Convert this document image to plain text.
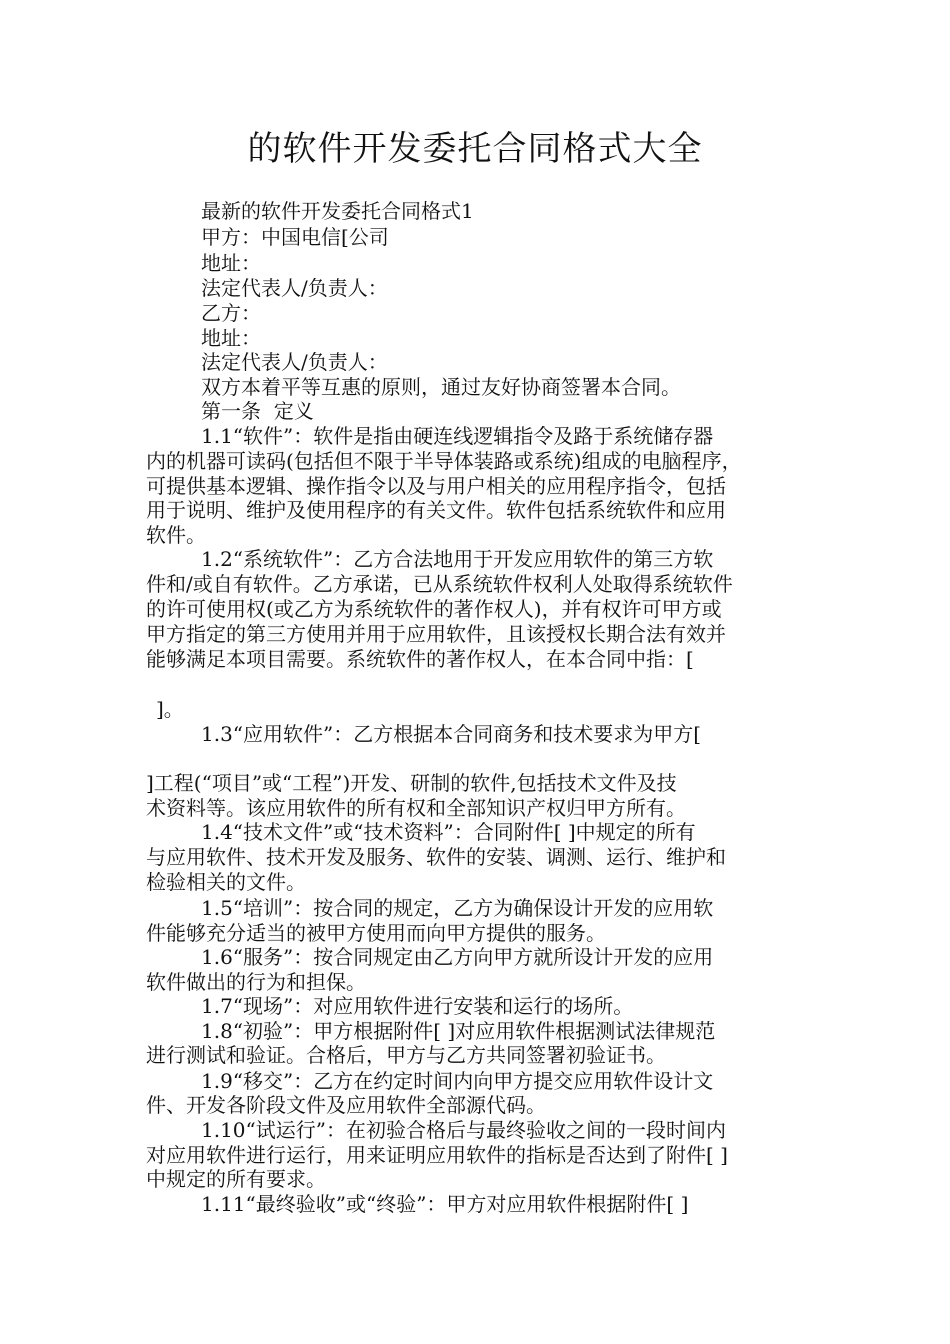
的软件开发委托合同格式大全
最新的软件开发委托合同格式1
甲方：中国电信[公司
地址：
法定代表人/负责人：
乙方：
地址：
法定代表人/负责人：
双方本着平等互惠的原则，通过友好协商签署本合同。
第一条  定义
1.1“软件”：软件是指由硬连线逻辑指令及路于系统储存器
内的机器可读码(包括但不限于半导体装路或系统)组成的电脑程序，
可提供基本逻辑、操作指令以及与用户相关的应用程序指令，包括
用于说明、维护及使用程序的有关文件。软件包括系统软件和应用
软件。
1.2“系统软件”：乙方合法地用于开发应用软件的第三方软
件和/或自有软件。乙方承诺，已从系统软件权利人处取得系统软件
的许可使用权(或乙方为系统软件的著作权人)，并有权许可甲方或
甲方指定的第三方使用并用于应用软件，且该授权长期合法有效并
能够满足本项目需要。系统软件的著作权人，在本合同中指：[
]。
1.3“应用软件”：乙方根据本合同商务和技术要求为甲方[
]工程(“项目”或“工程”)开发、研制的软件,包括技术文件及技
术资料等。该应用软件的所有权和全部知识产权归甲方所有。
1.4“技术文件”或“技术资料”：合同附件[ ]中规定的所有
与应用软件、技术开发及服务、软件的安装、调测、运行、维护和
检验相关的文件。
1.5“培训”：按合同的规定，乙方为确保设计开发的应用软
件能够充分适当的被甲方使用而向甲方提供的服务。
1.6“服务”：按合同规定由乙方向甲方就所设计开发的应用
软件做出的行为和担保。
1.7“现场”：对应用软件进行安装和运行的场所。
1.8“初验”：甲方根据附件[ ]对应用软件根据测试法律规范
进行测试和验证。合格后，甲方与乙方共同签署初验证书。
1.9“移交”：乙方在约定时间内向甲方提交应用软件设计文
件、开发各阶段文件及应用软件全部源代码。
1.10“试运行”：在初验合格后与最终验收之间的一段时间内
对应用软件进行运行，用来证明应用软件的指标是否达到了附件[ ]
中规定的所有要求。
1.11“最终验收”或“终验”：甲方对应用软件根据附件[ ]
